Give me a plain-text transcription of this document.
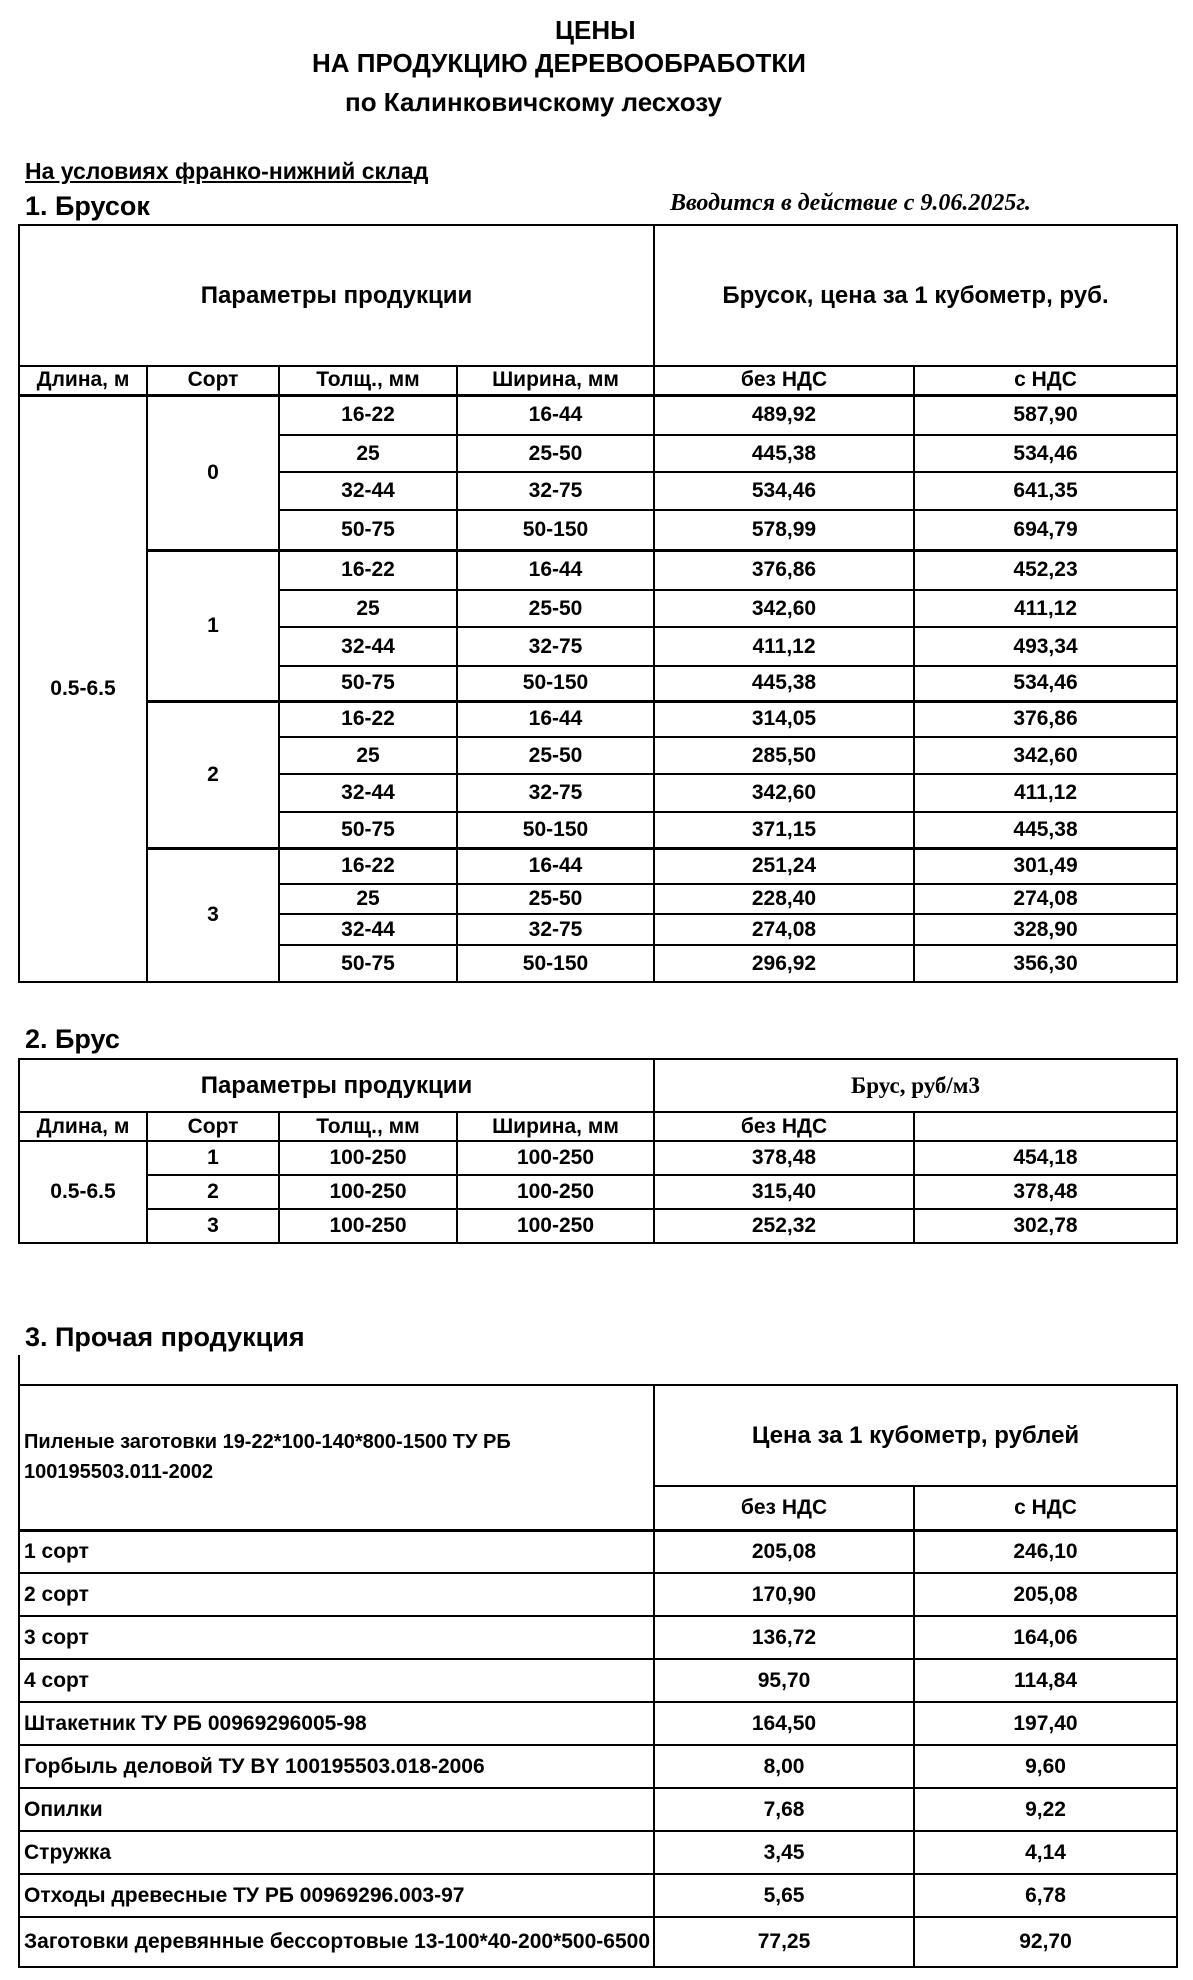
ЦЕНЫ
НА ПРОДУКЦИЮ ДЕРЕВООБРАБОТКИ
по Калинковичскому лесхозу
На условиях франко-нижний склад
1. Брусок	Вводится в действие с 9.06.2025г.
Параметры продукции				Брусок, цена за 1 кубометр, руб.	
Длина, м	Сорт	Толщ., мм	Ширина, мм	без НДС	с НДС
0.5-6.5	0	16-22	16-44	489,92	587,90
		25	25-50	445,38	534,46
		32-44	32-75	534,46	641,35
		50-75	50-150	578,99	694,79
	1	16-22	16-44	376,86	452,23
		25	25-50	342,60	411,12
		32-44	32-75	411,12	493,34
		50-75	50-150	445,38	534,46
	2	16-22	16-44	314,05	376,86
		25	25-50	285,50	342,60
		32-44	32-75	342,60	411,12
		50-75	50-150	371,15	445,38
	3	16-22	16-44	251,24	301,49
		25	25-50	228,40	274,08
		32-44	32-75	274,08	328,90
		50-75	50-150	296,92	356,30
2. Брус
Параметры продукции				Брус, руб/м3	
Длина, м	Сорт	Толщ., мм	Ширина, мм	без НДС	
0.5-6.5	1	100-250	100-250	378,48	454,18
	2	100-250	100-250	315,40	378,48
	3	100-250	100-250	252,32	302,78
3. Прочая продукция
Пиленые заготовки 19-22*100-140*800-1500 ТУ РБ 100195503.011-2002	Цена за 1 кубометр, рублей	
	без НДС	с НДС
1 сорт	205,08	246,10
2 сорт	170,90	205,08
3 сорт	136,72	164,06
4 сорт	95,70	114,84
Штакетник ТУ РБ 00969296005-98	164,50	197,40
Горбыль деловой ТУ BY 100195503.018-2006	8,00	9,60
Опилки	7,68	9,22
Стружка	3,45	4,14
Отходы древесные ТУ РБ 00969296.003-97	5,65	6,78
Заготовки деревянные бессортовые 13-100*40-200*500-6500	77,25	92,70
